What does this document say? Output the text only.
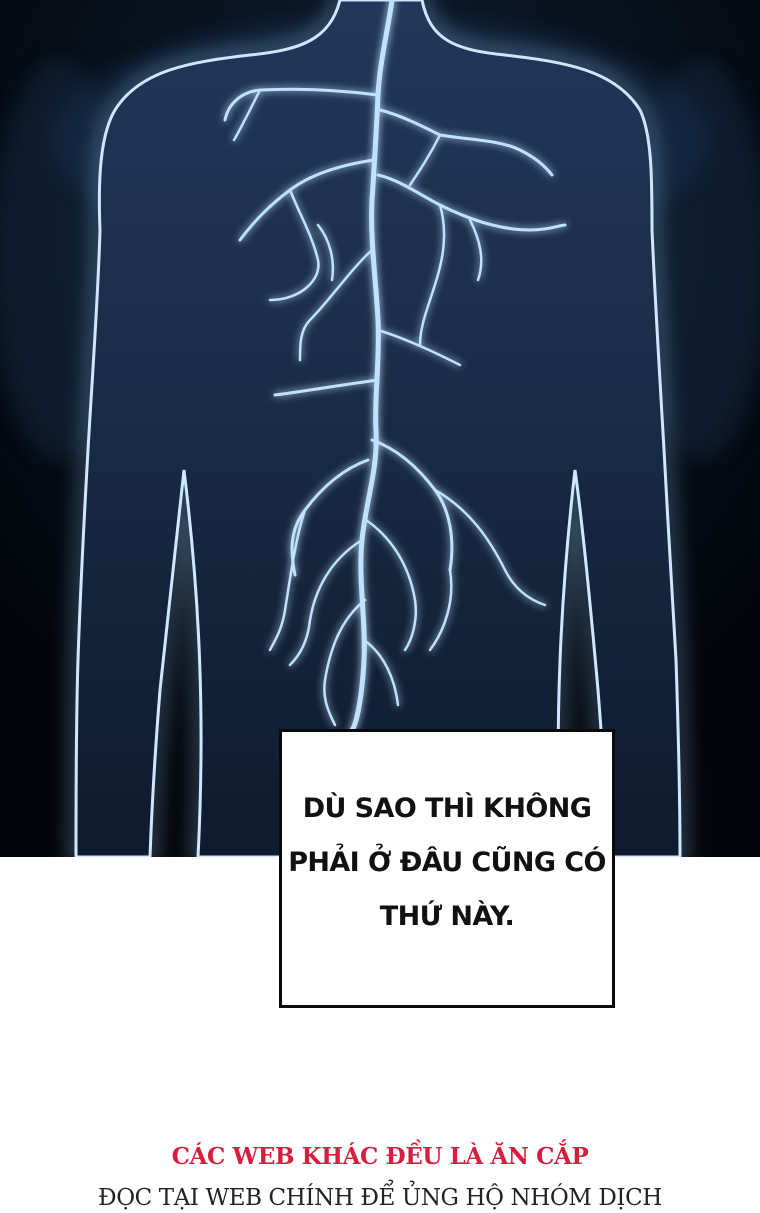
DÙ SAO THÌ KHÔNG
PHẢI Ở ĐÂU CŨNG CÓ
THỨ NÀY.
CÁC WEB KHÁC ĐỀU LÀ ĂN CẮP
ĐỌC TẠI WEB CHÍNH ĐỂ ỦNG HỘ NHÓM DỊCH
